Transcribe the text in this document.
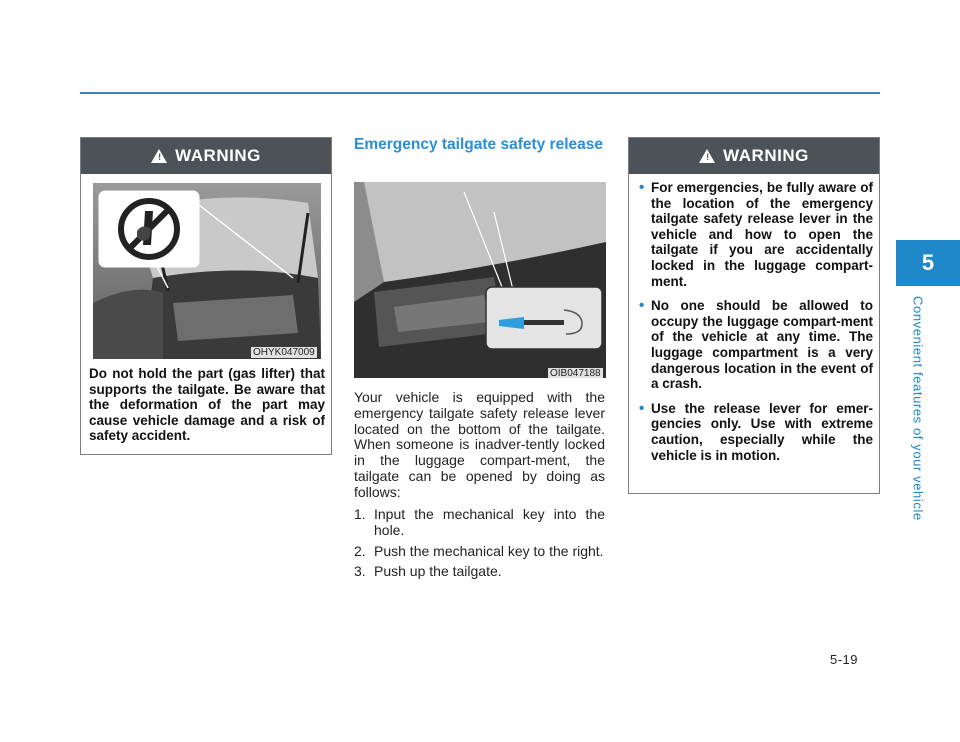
! WARNING
OHYK047009

Do not hold the part (gas lifter) that supports the tailgate. Be aware that the deformation of the part may cause vehicle damage and a risk of safety accident.

Emergency tailgate safety release
OIB047188

Your vehicle is equipped with the emergency tailgate safety release lever located on the bottom of the tailgate. When someone is inadver-tently locked in the luggage compart-ment, the tailgate can be opened by doing as follows:

1. Input the mechanical key into the hole.
2. Push the mechanical key to the right.
3. Push up the tailgate.
! WARNING
• For emergencies, be fully aware of the location of the emergency tailgate safety release lever in the vehicle and how to open the tailgate if you are accidentally locked in the luggage compart-ment.
• No one should be allowed to occupy the luggage compart-ment of the vehicle at any time. The luggage compartment is a very dangerous location in the event of a crash.
• Use the release lever for emer-gencies only. Use with extreme caution, especially while the vehicle is in motion.
5
Convenient features of your vehicle
5-19
